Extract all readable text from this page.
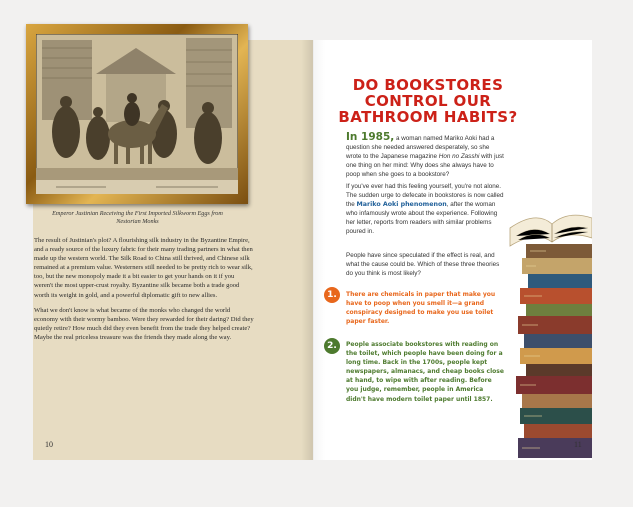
Emperor Justinian Receiving the First Imported Silkworm Eggs from Nestorian Monks

The result of Justinian's plot? A flourishing silk industry in the Byzantine Empire, and a ready source of the luxury fabric for their many trading partners in what then made up the western world. The Silk Road to China still thrived, and Chinese silk remained at a premium value. Westerners still needed to be pretty rich to wear silk, too, but the new monopoly made it a bit easier to get your hands on it if you weren't the most upper-crust royalty. Byzantine silk became both a trade good worth its weight in gold, and a powerful diplomatic gift to new allies.

What we don't know is what became of the monks who changed the world economy with their wormy bamboo. Were they rewarded for their daring? Did they quietly retire? How much did they even benefit from the trade they helped create? Maybe the real priceless treasure was the friends they made along the way.

10
DO BOOKSTORES
CONTROL OUR
BATHROOM HABITS?
In 1985, a woman named Mariko Aoki had a question she needed answered desperately, so she wrote to the Japanese magazine Hon no Zasshi with just one thing on her mind: Why does she always have to poop when she goes to a bookstore?
If you've ever had this feeling yourself, you're not alone. The sudden urge to defecate in bookstores is now called the Mariko Aoki phenomenon, after the woman who infamously wrote about the experience. Following her letter, reports from readers with similar problems poured in.
People have since speculated if the effect is real, and what the cause could be. Which of these three theories do you think is most likely?
1.	There are chemicals in paper that make you have to poop when you smell it—a grand conspiracy designed to make you use toilet paper faster.
2.	People associate bookstores with reading on the toilet, which people have been doing for a long time. Back in the 1700s, people kept newspapers, almanacs, and cheap books close at hand, to wipe with after reading. Before you judge, remember, people in America didn't have modern toilet paper until 1857.
11
